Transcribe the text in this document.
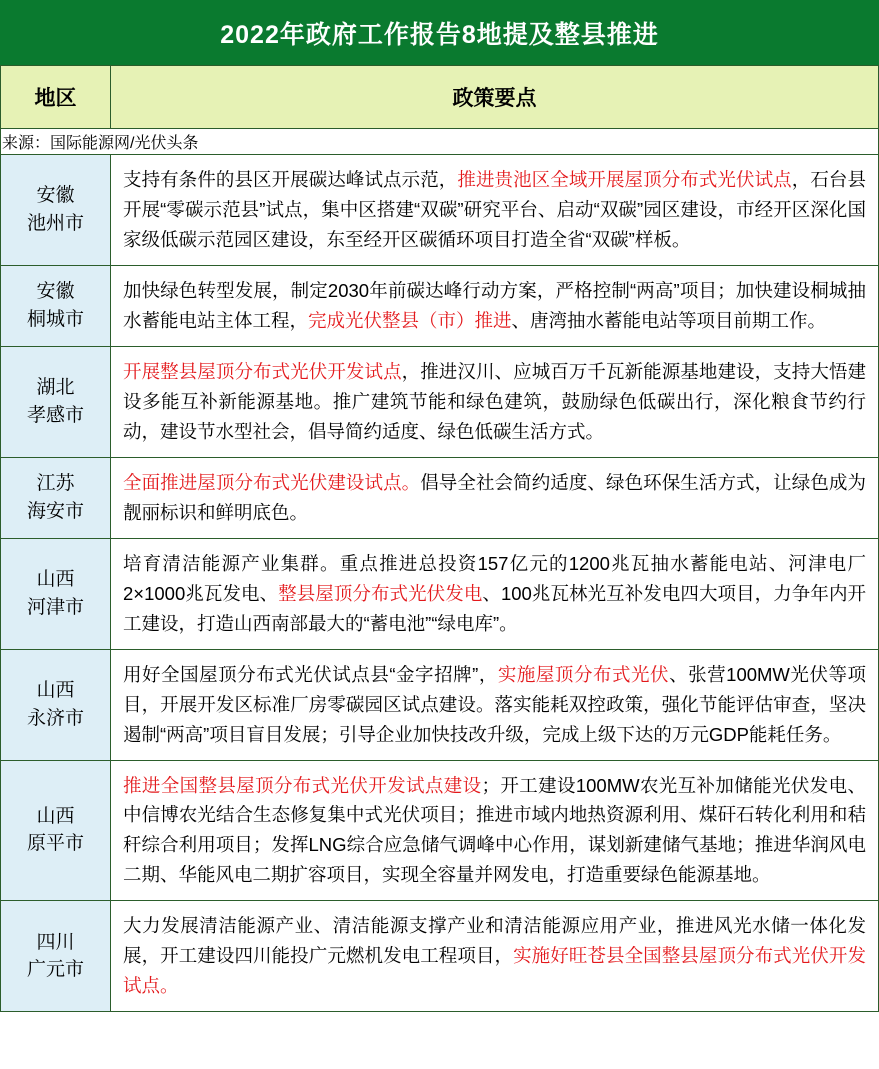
2022年政府工作报告8地提及整县推进
地区	政策要点
来源：国际能源网/光伏头条	

安徽
池州市	支持有条件的县区开展碳达峰试点示范，推进贵池区全域开展屋顶分布式光伏试点，石台县开展“零碳示范县”试点，集中区搭建“双碳”研究平台、启动“双碳”园区建设，市经开区深化国家级低碳示范园区建设，东至经开区碳循环项目打造全省“双碳”样板。

安徽
桐城市	加快绿色转型发展，制定2030年前碳达峰行动方案，严格控制“两高”项目；加快建设桐城抽水蓄能电站主体工程，完成光伏整县（市）推进、唐湾抽水蓄能电站等项目前期工作。

湖北
孝感市	开展整县屋顶分布式光伏开发试点，推进汉川、应城百万千瓦新能源基地建设，支持大悟建设多能互补新能源基地。推广建筑节能和绿色建筑，鼓励绿色低碳出行，深化粮食节约行动，建设节水型社会，倡导简约适度、绿色低碳生活方式。

江苏
海安市	全面推进屋顶分布式光伏建设试点。倡导全社会简约适度、绿色环保生活方式，让绿色成为靓丽标识和鲜明底色。

山西
河津市	培育清洁能源产业集群。重点推进总投资157亿元的1200兆瓦抽水蓄能电站、河津电厂2×1000兆瓦发电、整县屋顶分布式光伏发电、100兆瓦林光互补发电四大项目，力争年内开工建设，打造山西南部最大的“蓄电池”“绿电库”。

山西
永济市	用好全国屋顶分布式光伏试点县“金字招牌”，实施屋顶分布式光伏、张营100MW光伏等项目，开展开发区标准厂房零碳园区试点建设。落实能耗双控政策，强化节能评估审查，坚决遏制“两高”项目盲目发展；引导企业加快技改升级，完成上级下达的万元GDP能耗任务。

山西
原平市	推进全国整县屋顶分布式光伏开发试点建设；开工建设100MW农光互补加储能光伏发电、中信博农光结合生态修复集中式光伏项目；推进市域内地热资源利用、煤矸石转化利用和秸秆综合利用项目；发挥LNG综合应急储气调峰中心作用，谋划新建储气基地；推进华润风电二期、华能风电二期扩容项目，实现全容量并网发电，打造重要绿色能源基地。

四川
广元市	大力发展清洁能源产业、清洁能源支撑产业和清洁能源应用产业，推进风光水储一体化发展，开工建设四川能投广元燃机发电工程项目，实施好旺苍县全国整县屋顶分布式光伏开发试点。
